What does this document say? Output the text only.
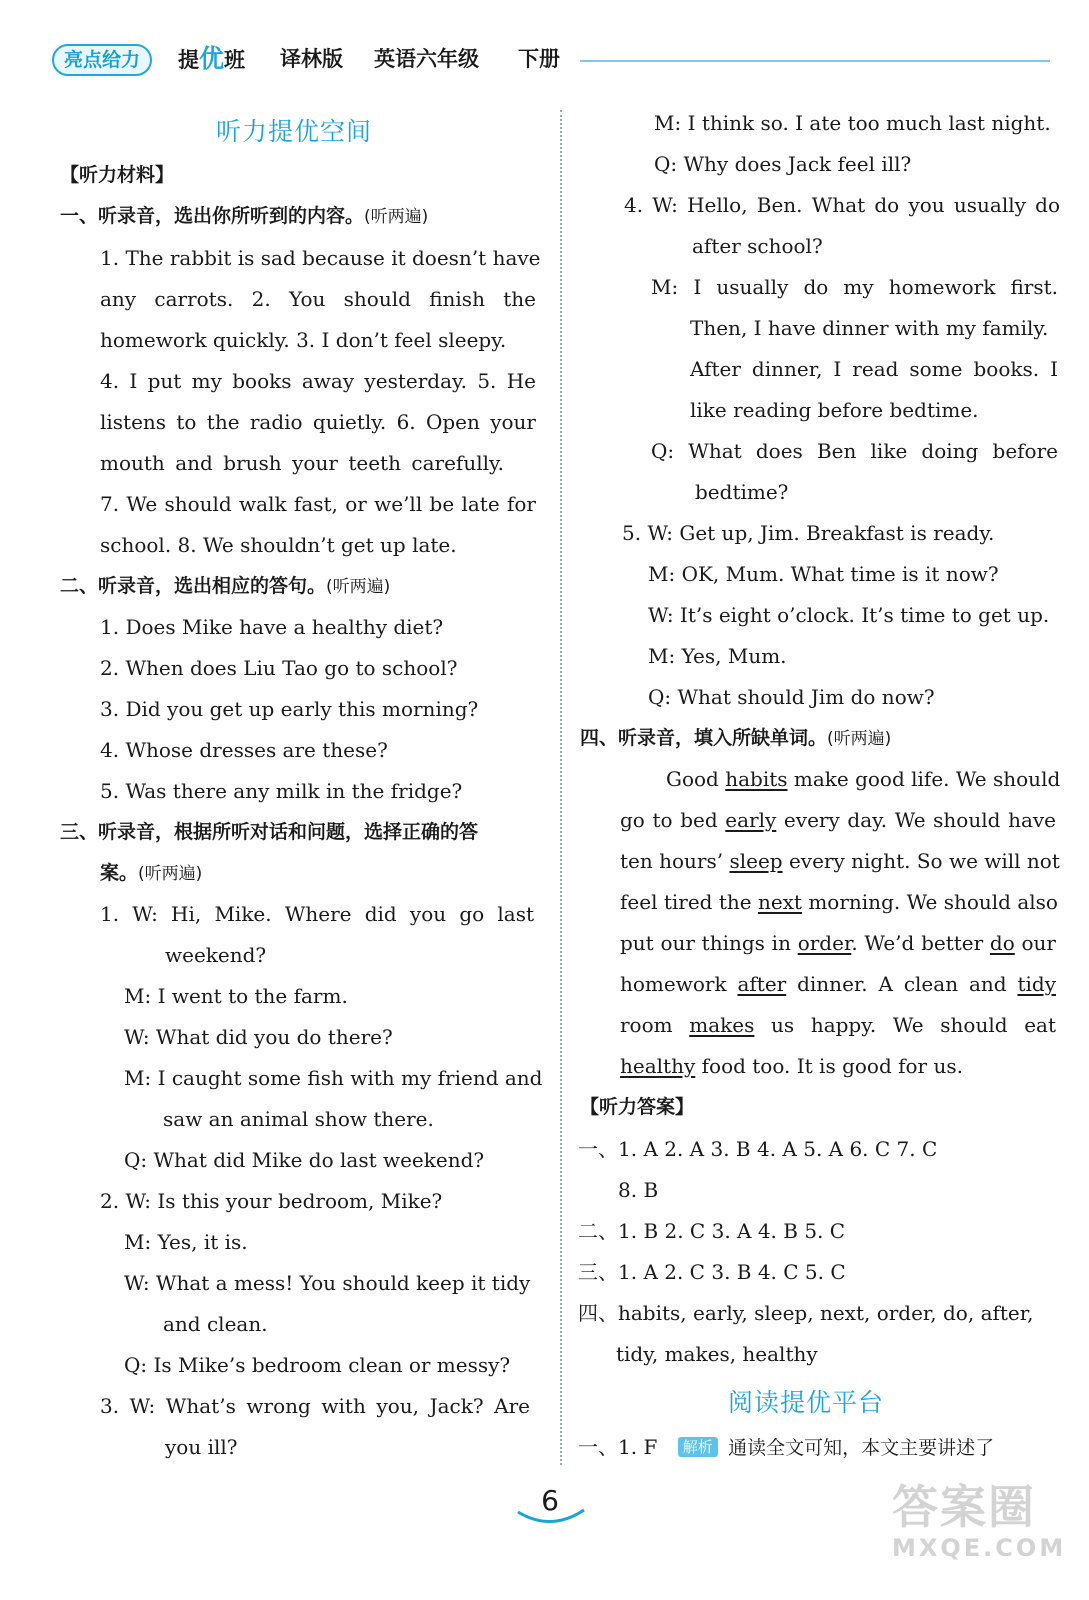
亮点给力	提优班 译林版 英语六年级 下册
听力提优空间
【听力材料】
一、听录音，选出你所听到的内容。(听两遍)
1. The rabbit is sad because it doesn’t have
any carrots. 2. You should finish the
homework quickly. 3. I don’t feel sleepy.
4. I put my books away yesterday. 5. He
listens to the radio quietly. 6. Open your
mouth and brush your teeth carefully.
7. We should walk fast, or we’ll be late for
school. 8. We shouldn’t get up late.
二、听录音，选出相应的答句。(听两遍)
1. Does Mike have a healthy diet?
2. When does Liu Tao go to school?
3. Did you get up early this morning?
4. Whose dresses are these?
5. Was there any milk in the fridge?
三、听录音，根据所听对话和问题，选择正确的答
案。(听两遍)
1. W: Hi, Mike. Where did you go last
weekend?
M: I went to the farm.
W: What did you do there?
M: I caught some fish with my friend and
saw an animal show there.
Q: What did Mike do last weekend?
2. W: Is this your bedroom, Mike?
M: Yes, it is.
W: What a mess! You should keep it tidy
and clean.
Q: Is Mike’s bedroom clean or messy?
3. W: What’s wrong with you, Jack? Are
you ill?
M: I think so. I ate too much last night.
Q: Why does Jack feel ill?
4. W: Hello, Ben. What do you usually do
after school?
M: I usually do my homework first.
Then, I have dinner with my family.
After dinner, I read some books. I
like reading before bedtime.
Q: What does Ben like doing before
bedtime?
5. W: Get up, Jim. Breakfast is ready.
M: OK, Mum. What time is it now?
W: It’s eight o’clock. It’s time to get up.
M: Yes, Mum.
Q: What should Jim do now?
四、听录音，填入所缺单词。(听两遍)
Good habits make good life. We should
go to bed early every day. We should have
ten hours’ sleep every night. So we will not
feel tired the next morning. We should also
put our things in order. We’d better do our
homework after dinner. A clean and tidy
room makes us happy. We should eat
healthy food too. It is good for us.
【听力答案】
一、1. A 2. A 3. B 4. A 5. A 6. C 7. C
8. B
二、1. B 2. C 3. A 4. B 5. C
三、1. A 2. C 3. B 4. C 5. C
四、habits, early, sleep, next, order, do, after,
tidy, makes, healthy
阅读提优平台
一、1. F 解析 通读全文可知，本文主要讲述了
6	答案圈
MXQE.COM
